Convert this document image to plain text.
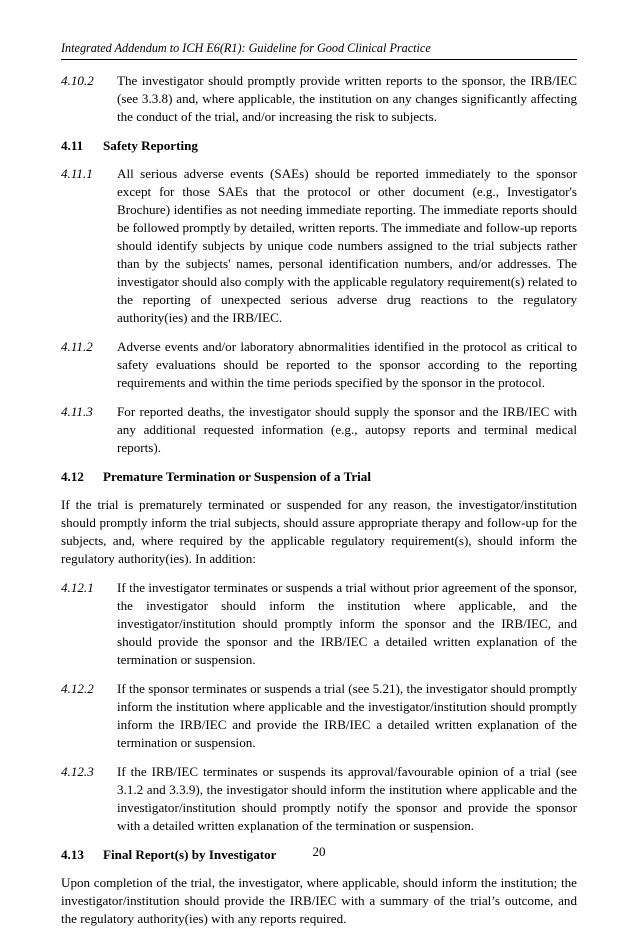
Integrated Addendum to ICH E6(R1): Guideline for Good Clinical Practice
4.10.2 The investigator should promptly provide written reports to the sponsor, the IRB/IEC (see 3.3.8) and, where applicable, the institution on any changes significantly affecting the conduct of the trial, and/or increasing the risk to subjects.
4.11 Safety Reporting
4.11.1 All serious adverse events (SAEs) should be reported immediately to the sponsor except for those SAEs that the protocol or other document (e.g., Investigator's Brochure) identifies as not needing immediate reporting. The immediate reports should be followed promptly by detailed, written reports. The immediate and follow-up reports should identify subjects by unique code numbers assigned to the trial subjects rather than by the subjects' names, personal identification numbers, and/or addresses. The investigator should also comply with the applicable regulatory requirement(s) related to the reporting of unexpected serious adverse drug reactions to the regulatory authority(ies) and the IRB/IEC.
4.11.2 Adverse events and/or laboratory abnormalities identified in the protocol as critical to safety evaluations should be reported to the sponsor according to the reporting requirements and within the time periods specified by the sponsor in the protocol.
4.11.3 For reported deaths, the investigator should supply the sponsor and the IRB/IEC with any additional requested information (e.g., autopsy reports and terminal medical reports).
4.12 Premature Termination or Suspension of a Trial
If the trial is prematurely terminated or suspended for any reason, the investigator/institution should promptly inform the trial subjects, should assure appropriate therapy and follow-up for the subjects, and, where required by the applicable regulatory requirement(s), should inform the regulatory authority(ies). In addition:
4.12.1 If the investigator terminates or suspends a trial without prior agreement of the sponsor, the investigator should inform the institution where applicable, and the investigator/institution should promptly inform the sponsor and the IRB/IEC, and should provide the sponsor and the IRB/IEC a detailed written explanation of the termination or suspension.
4.12.2 If the sponsor terminates or suspends a trial (see 5.21), the investigator should promptly inform the institution where applicable and the investigator/institution should promptly inform the IRB/IEC and provide the IRB/IEC a detailed written explanation of the termination or suspension.
4.12.3 If the IRB/IEC terminates or suspends its approval/favourable opinion of a trial (see 3.1.2 and 3.3.9), the investigator should inform the institution where applicable and the investigator/institution should promptly notify the sponsor and provide the sponsor with a detailed written explanation of the termination or suspension.
4.13 Final Report(s) by Investigator
Upon completion of the trial, the investigator, where applicable, should inform the institution; the investigator/institution should provide the IRB/IEC with a summary of the trial’s outcome, and the regulatory authority(ies) with any reports required.
20
